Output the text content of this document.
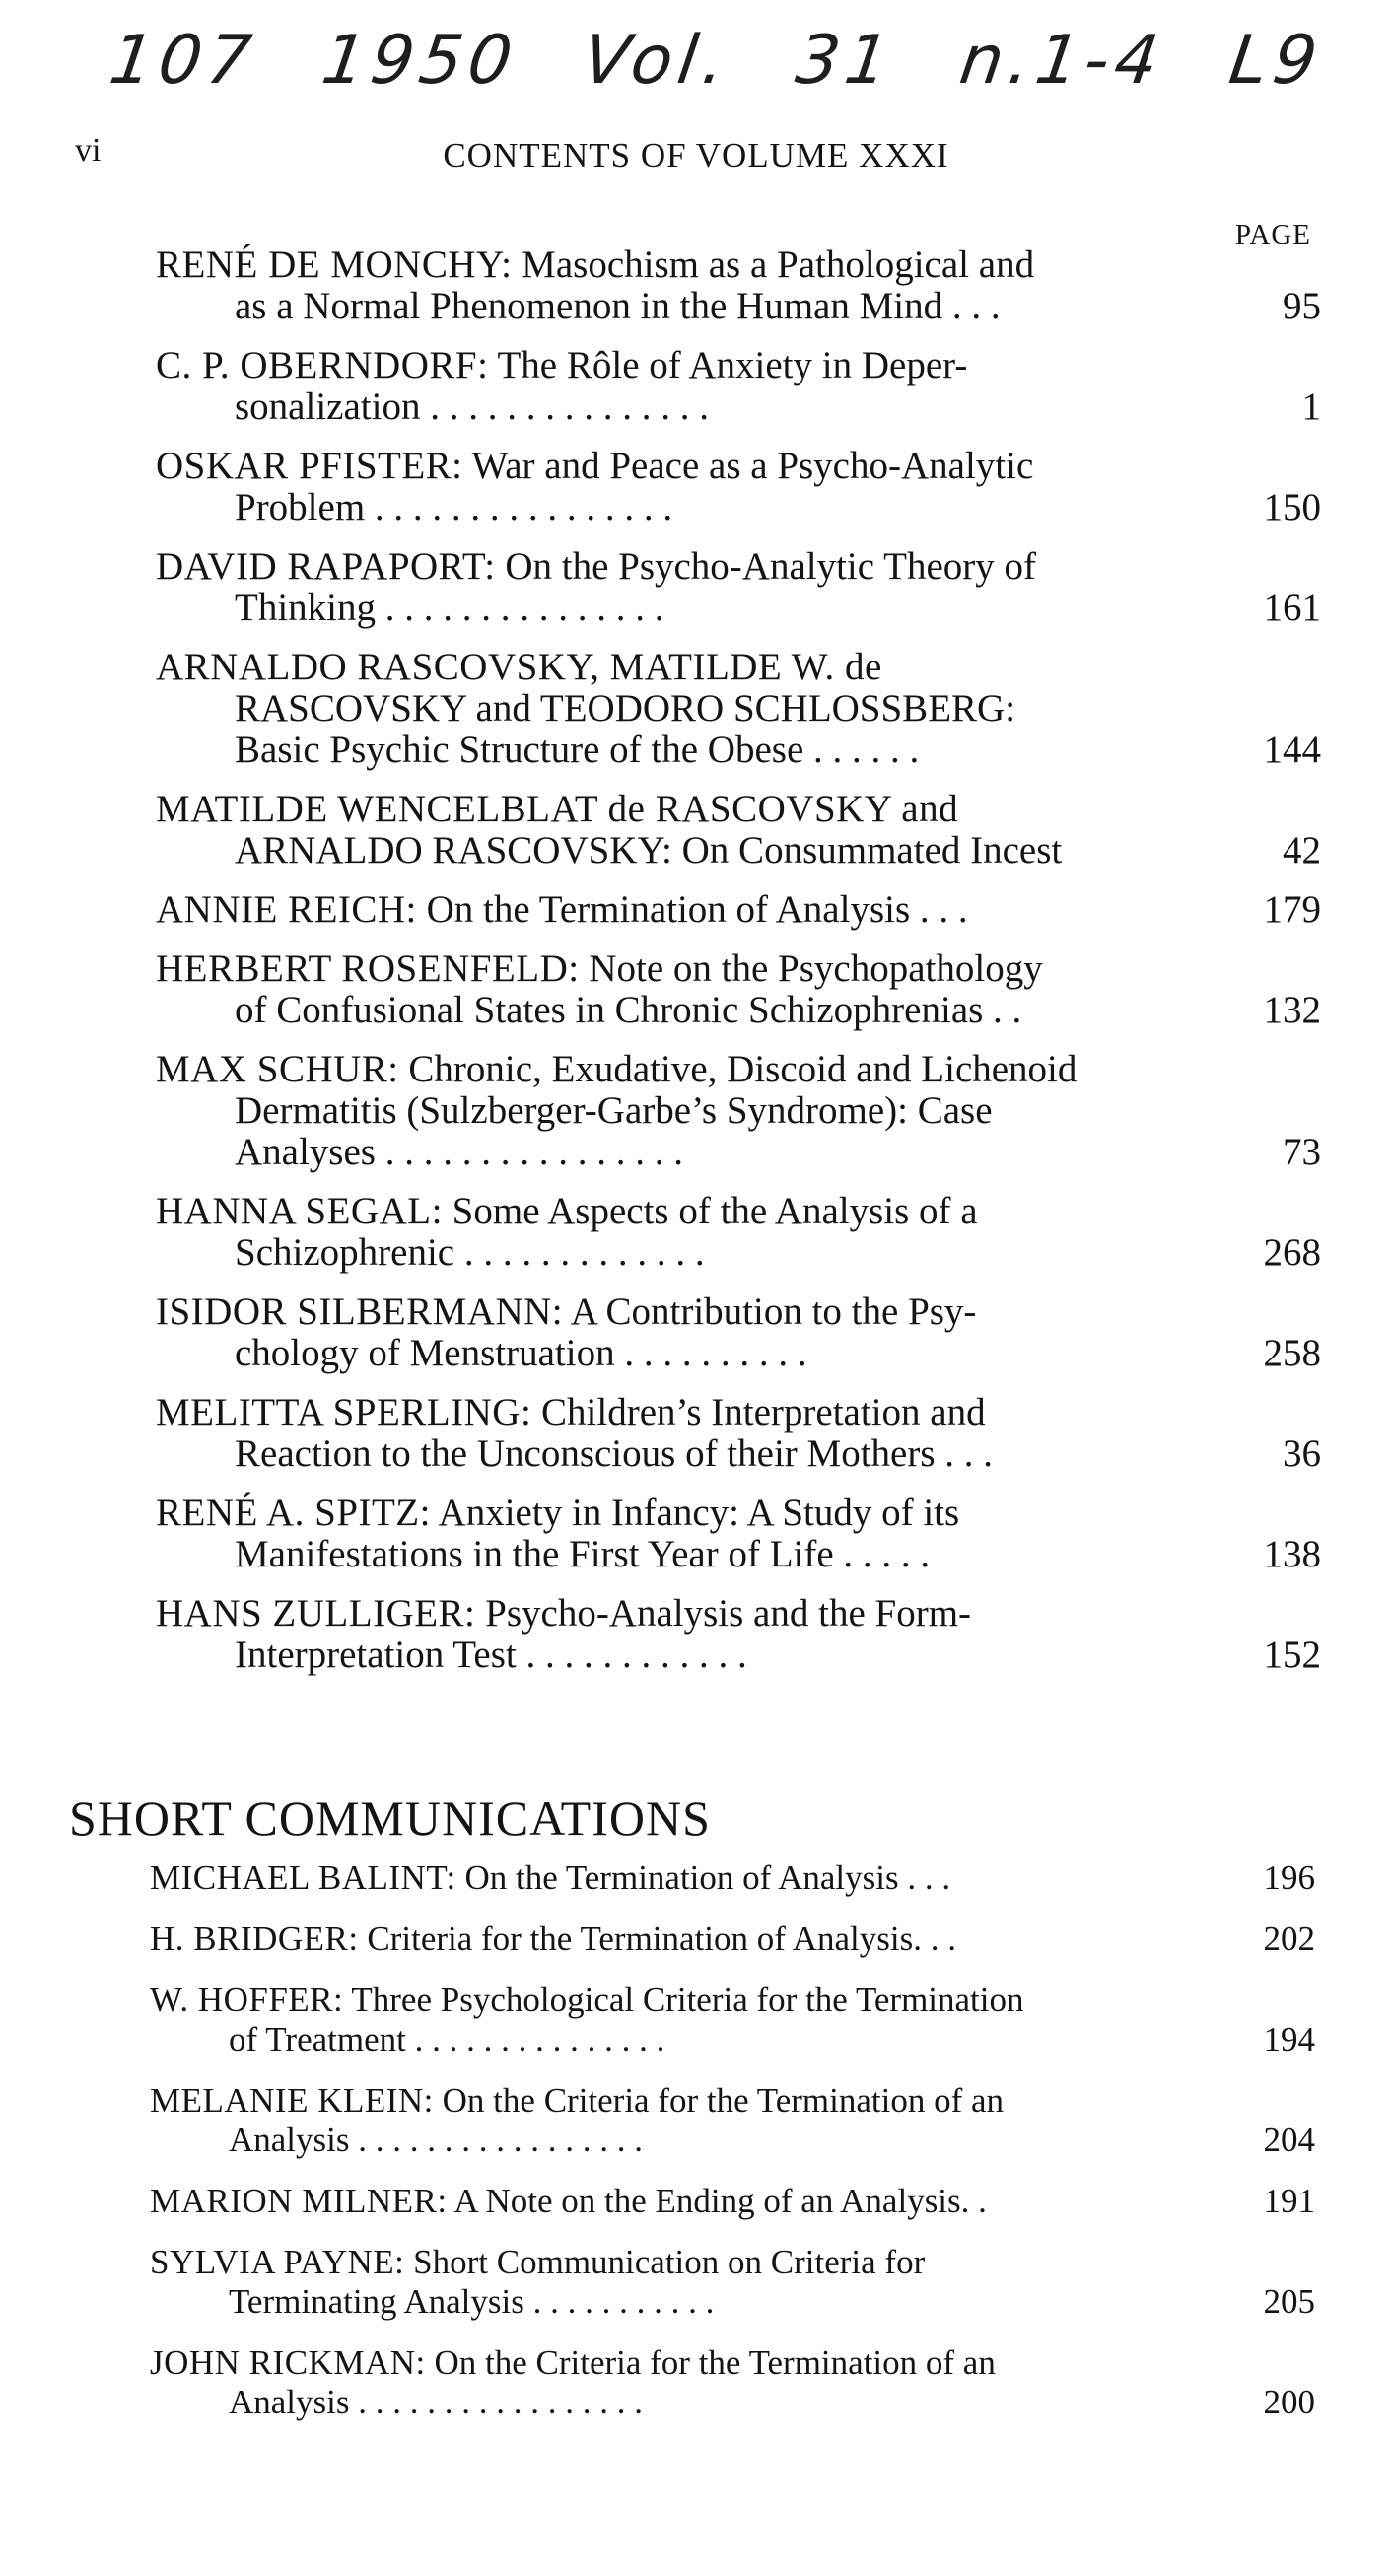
107 1950 Vol. 31 n.1-4 L9
vi	CONTENTS OF VOLUME XXXI
PAGE
RENÉ DE MONCHY: Masochism as a Pathological and
as a Normal Phenomenon in the Human Mind . . .	95
C. P. OBERNDORF: The Rôle of Anxiety in Deper-
sonalization . . . . . . . . . . . . . . .	1
OSKAR PFISTER: War and Peace as a Psycho-Analytic
Problem . . . . . . . . . . . . . . . .	150
DAVID RAPAPORT: On the Psycho-Analytic Theory of
Thinking . . . . . . . . . . . . . . .	161
ARNALDO RASCOVSKY, MATILDE W. de
RASCOVSKY and TEODORO SCHLOSSBERG:
Basic Psychic Structure of the Obese . . . . . .	144
MATILDE WENCELBLAT de RASCOVSKY and
ARNALDO RASCOVSKY: On Consummated Incest	42
ANNIE REICH: On the Termination of Analysis . . .	179
HERBERT ROSENFELD: Note on the Psychopathology
of Confusional States in Chronic Schizophrenias . .	132
MAX SCHUR: Chronic, Exudative, Discoid and Lichenoid
Dermatitis (Sulzberger-Garbe’s Syndrome): Case
Analyses . . . . . . . . . . . . . . . .	73
HANNA SEGAL: Some Aspects of the Analysis of a
Schizophrenic . . . . . . . . . . . . .	268
ISIDOR SILBERMANN: A Contribution to the Psy-
chology of Menstruation . . . . . . . . . .	258
MELITTA SPERLING: Children’s Interpretation and
Reaction to the Unconscious of their Mothers . . .	36
RENÉ A. SPITZ: Anxiety in Infancy: A Study of its
Manifestations in the First Year of Life . . . . .	138
HANS ZULLIGER: Psycho-Analysis and the Form-
Interpretation Test . . . . . . . . . . . .	152
SHORT COMMUNICATIONS
MICHAEL BALINT: On the Termination of Analysis . . .	196
H. BRIDGER: Criteria for the Termination of Analysis. . .	202
W. HOFFER: Three Psychological Criteria for the Termination
of Treatment . . . . . . . . . . . . . . .	194
MELANIE KLEIN: On the Criteria for the Termination of an
Analysis . . . . . . . . . . . . . . . . .	204
MARION MILNER: A Note on the Ending of an Analysis. .	191
SYLVIA PAYNE: Short Communication on Criteria for
Terminating Analysis . . . . . . . . . . .	205
JOHN RICKMAN: On the Criteria for the Termination of an
Analysis . . . . . . . . . . . . . . . . .	200
